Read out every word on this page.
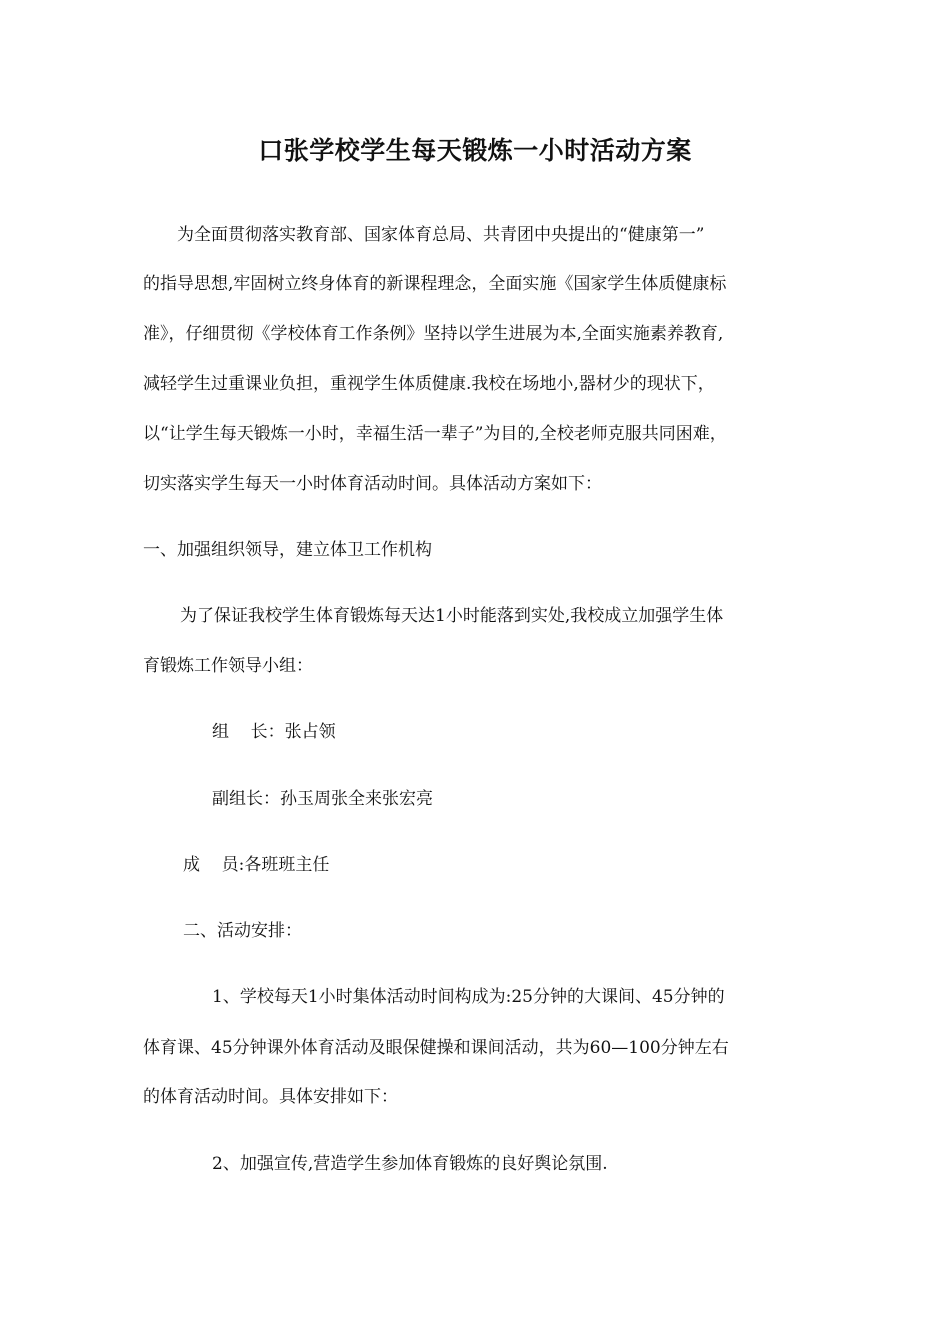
口张学校学生每天锻炼一小时活动方案
为全面贯彻落实教育部、国家体育总局、共青团中央提出的“健康第一”
的指导思想,牢固树立终身体育的新课程理念，全面实施《国家学生体质健康标
准》，仔细贯彻《学校体育工作条例》坚持以学生进展为本,全面实施素养教育,
减轻学生过重课业负担，重视学生体质健康.我校在场地小,器材少的现状下，
以“让学生每天锻炼一小时，幸福生活一辈子”为目的,全校老师克服共同困难，
切实落实学生每天一小时体育活动时间。具体活动方案如下：
一、加强组织领导，建立体卫工作机构
为了保证我校学生体育锻炼每天达1小时能落到实处,我校成立加强学生体
育锻炼工作领导小组：
组    长：张占领
副组长：孙玉周张全来张宏亮
成    员:各班班主任
二、活动安排：
1、学校每天1小时集体活动时间构成为:25分钟的大课间、45分钟的
体育课、45分钟课外体育活动及眼保健操和课间活动，共为60—100分钟左右
的体育活动时间。具体安排如下：
2、加强宣传,营造学生参加体育锻炼的良好舆论氛围.
